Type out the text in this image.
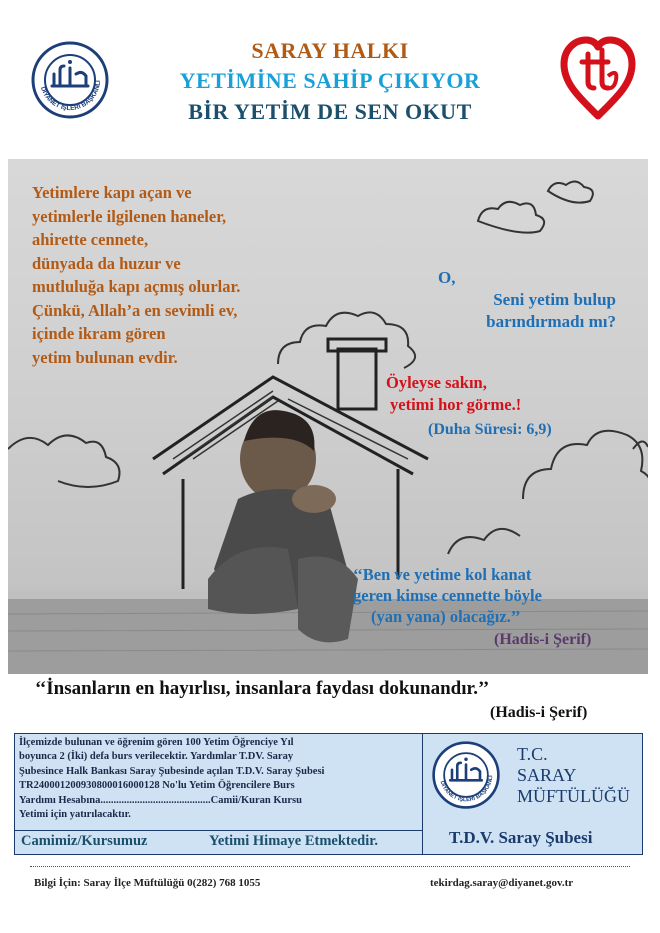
DİYANET İŞLERİ BAŞKANLI
SARAY HALKI
YETİMİNE SAHİP ÇIKIYOR
BİR YETİM DE SEN OKUT
Yetimlere kapı açan ve
yetimlerle ilgilenen haneler,
ahirette cennete,
dünyada da huzur ve
mutluluğa kapı açmış olurlar.
Çünkü, Allah’a en sevimli ev,
içinde ikram gören
yetim bulunan evdir.
O,
Seni yetim bulup
barındırmadı mı?
Öyleyse sakın,
yetimi hor görme.!
(Duha Süresi: 6,9)
‘‘Ben ve yetime kol kanat
geren kimse cennette böyle
(yan yana) olacağız.’’
(Hadis-i Şerif)
‘‘İnsanların en hayırlısı, insanlara faydası dokunandır.’’
(Hadis-i Şerif)
İlçemizde bulunan ve öğrenim gören 100 Yetim Öğrenciye Yıl
boyunca 2 (İki) defa burs verilecektir. Yardımlar T.DV. Saray
Şubesince Halk Bankası Saray Şubesinde açılan T.D.V. Saray Şubesi
TR240001200930800016000128 No'lu Yetim Öğrencilere Burs
Yardımı Hesabına..........................................Camii/Kuran Kursu
Yetimi için yatırılacaktır.
Camimiz/Kursumuz	Yetimi Himaye Etmektedir.
DİYANET İŞLERİ BAŞKANLI
T.C.
SARAY
MÜFTÜLÜĞÜ
T.D.V. Saray Şubesi
Bilgi İçin: Saray İlçe Müftülüğü 0(282) 768 1055	tekirdag.saray@diyanet.gov.tr
